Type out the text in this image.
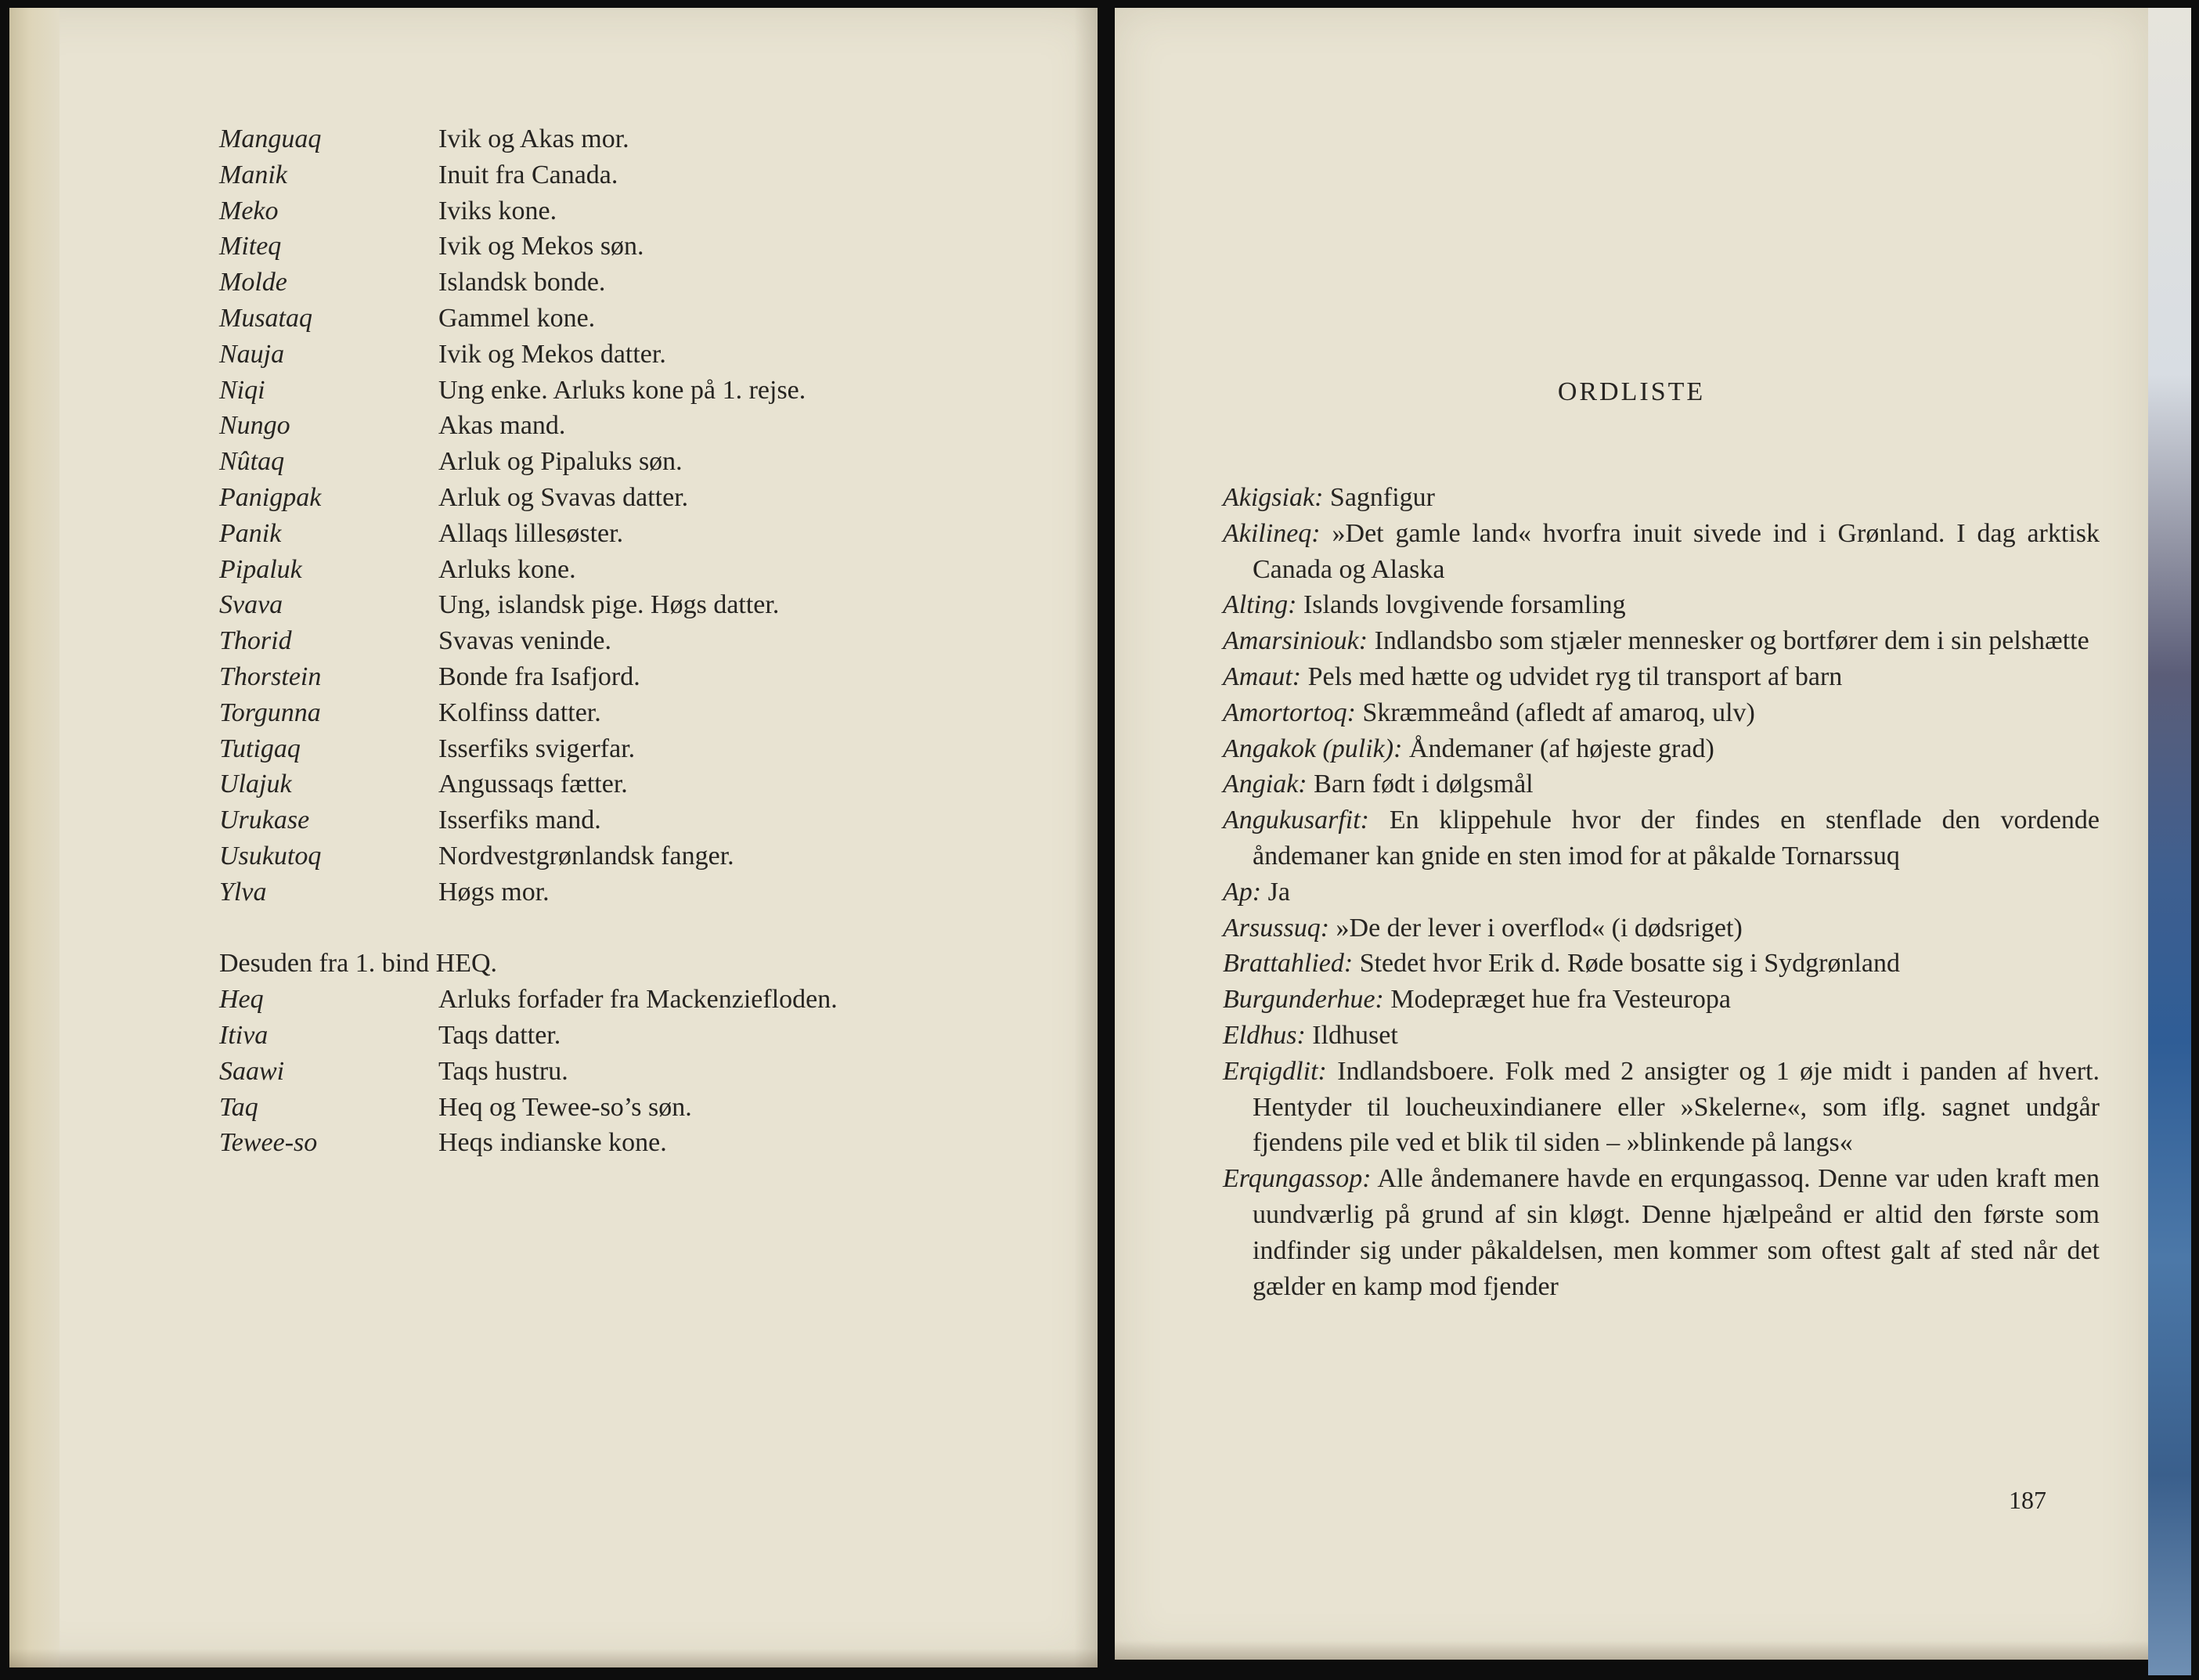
Manguaq	Ivik og Akas mor.
Manik	Inuit fra Canada.
Meko	Iviks kone.
Miteq	Ivik og Mekos søn.
Molde	Islandsk bonde.
Musataq	Gammel kone.
Nauja	Ivik og Mekos datter.
Niqi	Ung enke. Arluks kone på 1. rejse.
Nungo	Akas mand.
Nûtaq	Arluk og Pipaluks søn.
Panigpak	Arluk og Svavas datter.
Panik	Allaqs lillesøster.
Pipaluk	Arluks kone.
Svava	Ung, islandsk pige. Høgs datter.
Thorid	Svavas veninde.
Thorstein	Bonde fra Isafjord.
Torgunna	Kolfinss datter.
Tutigaq	Isserfiks svigerfar.
Ulajuk	Angussaqs fætter.
Urukase	Isserfiks mand.
Usukutoq	Nordvestgrønlandsk fanger.
Ylva	Høgs mor.
Desuden fra 1. bind HEQ.
Heq	Arluks forfader fra Mackenziefloden.
Itiva	Taqs datter.
Saawi	Taqs hustru.
Taq	Heq og Tewee-so’s søn.
Tewee-so	Heqs indianske kone.
ORDLISTE
Akigsiak: Sagnfigur
Akilineq: »Det gamle land« hvorfra inuit sivede ind i Grønland. I dag arktisk Canada og Alaska
Alting: Islands lovgivende forsamling
Amarsiniouk: Indlandsbo som stjæler mennesker og bortfører dem i sin pelshætte
Amaut: Pels med hætte og udvidet ryg til transport af barn
Amortortoq: Skræmmeånd (afledt af amaroq, ulv)
Angakok (pulik): Åndemaner (af højeste grad)
Angiak: Barn født i dølgsmål
Angukusarfit: En klippehule hvor der findes en stenflade den vordende åndemaner kan gnide en sten imod for at påkalde Tornarssuq
Ap: Ja
Arsussuq: »De der lever i overflod« (i dødsriget)
Brattahlied: Stedet hvor Erik d. Røde bosatte sig i Sydgrønland
Burgunderhue: Modepræget hue fra Vesteuropa
Eldhus: Ildhuset
Erqigdlit: Indlandsboere. Folk med 2 ansigter og 1 øje midt i panden af hvert. Hentyder til loucheuxindianere eller »Skelerne«, som iflg. sagnet undgår fjendens pile ved et blik til siden – »blinkende på langs«
Erqungassop: Alle åndemanere havde en erqungassoq. Denne var uden kraft men uundværlig på grund af sin kløgt. Denne hjælpeånd er altid den første som indfinder sig under påkaldelsen, men kommer som oftest galt af sted når det gælder en kamp mod fjender
187
